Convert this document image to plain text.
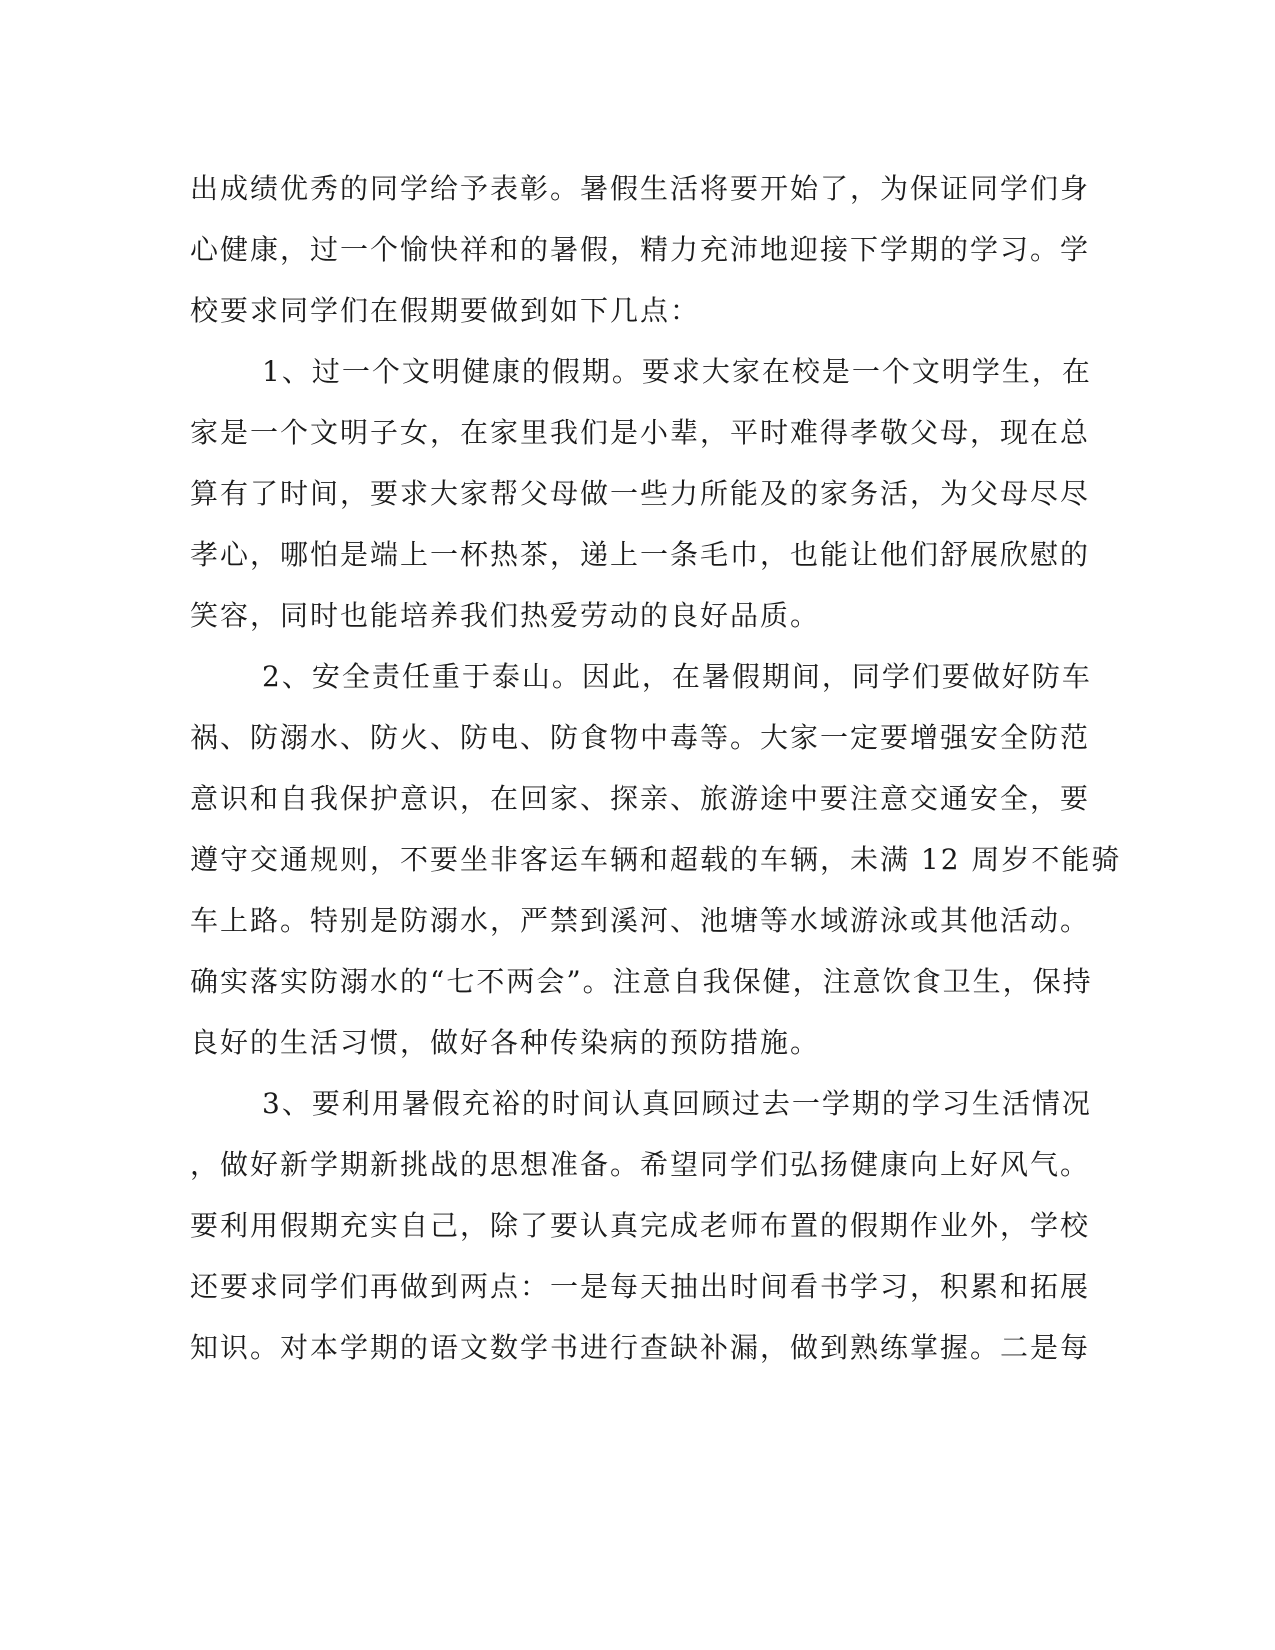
出成绩优秀的同学给予表彰。暑假生活将要开始了，为保证同学们身
心健康，过一个愉快祥和的暑假，精力充沛地迎接下学期的学习。学
校要求同学们在假期要做到如下几点：
1、过一个文明健康的假期。要求大家在校是一个文明学生，在
家是一个文明子女，在家里我们是小辈，平时难得孝敬父母，现在总
算有了时间，要求大家帮父母做一些力所能及的家务活，为父母尽尽
孝心，哪怕是端上一杯热茶，递上一条毛巾，也能让他们舒展欣慰的
笑容，同时也能培养我们热爱劳动的良好品质。
2、安全责任重于泰山。因此，在暑假期间，同学们要做好防车
祸、防溺水、防火、防电、防食物中毒等。大家一定要增强安全防范
意识和自我保护意识，在回家、探亲、旅游途中要注意交通安全，要
遵守交通规则，不要坐非客运车辆和超载的车辆，未满 12 周岁不能骑
车上路。特别是防溺水，严禁到溪河、池塘等水域游泳或其他活动。
确实落实防溺水的“七不两会”。注意自我保健，注意饮食卫生，保持
良好的生活习惯，做好各种传染病的预防措施。
3、要利用暑假充裕的时间认真回顾过去一学期的学习生活情况
，做好新学期新挑战的思想准备。希望同学们弘扬健康向上好风气。
要利用假期充实自己，除了要认真完成老师布置的假期作业外，学校
还要求同学们再做到两点：一是每天抽出时间看书学习，积累和拓展
知识。对本学期的语文数学书进行查缺补漏，做到熟练掌握。二是每
